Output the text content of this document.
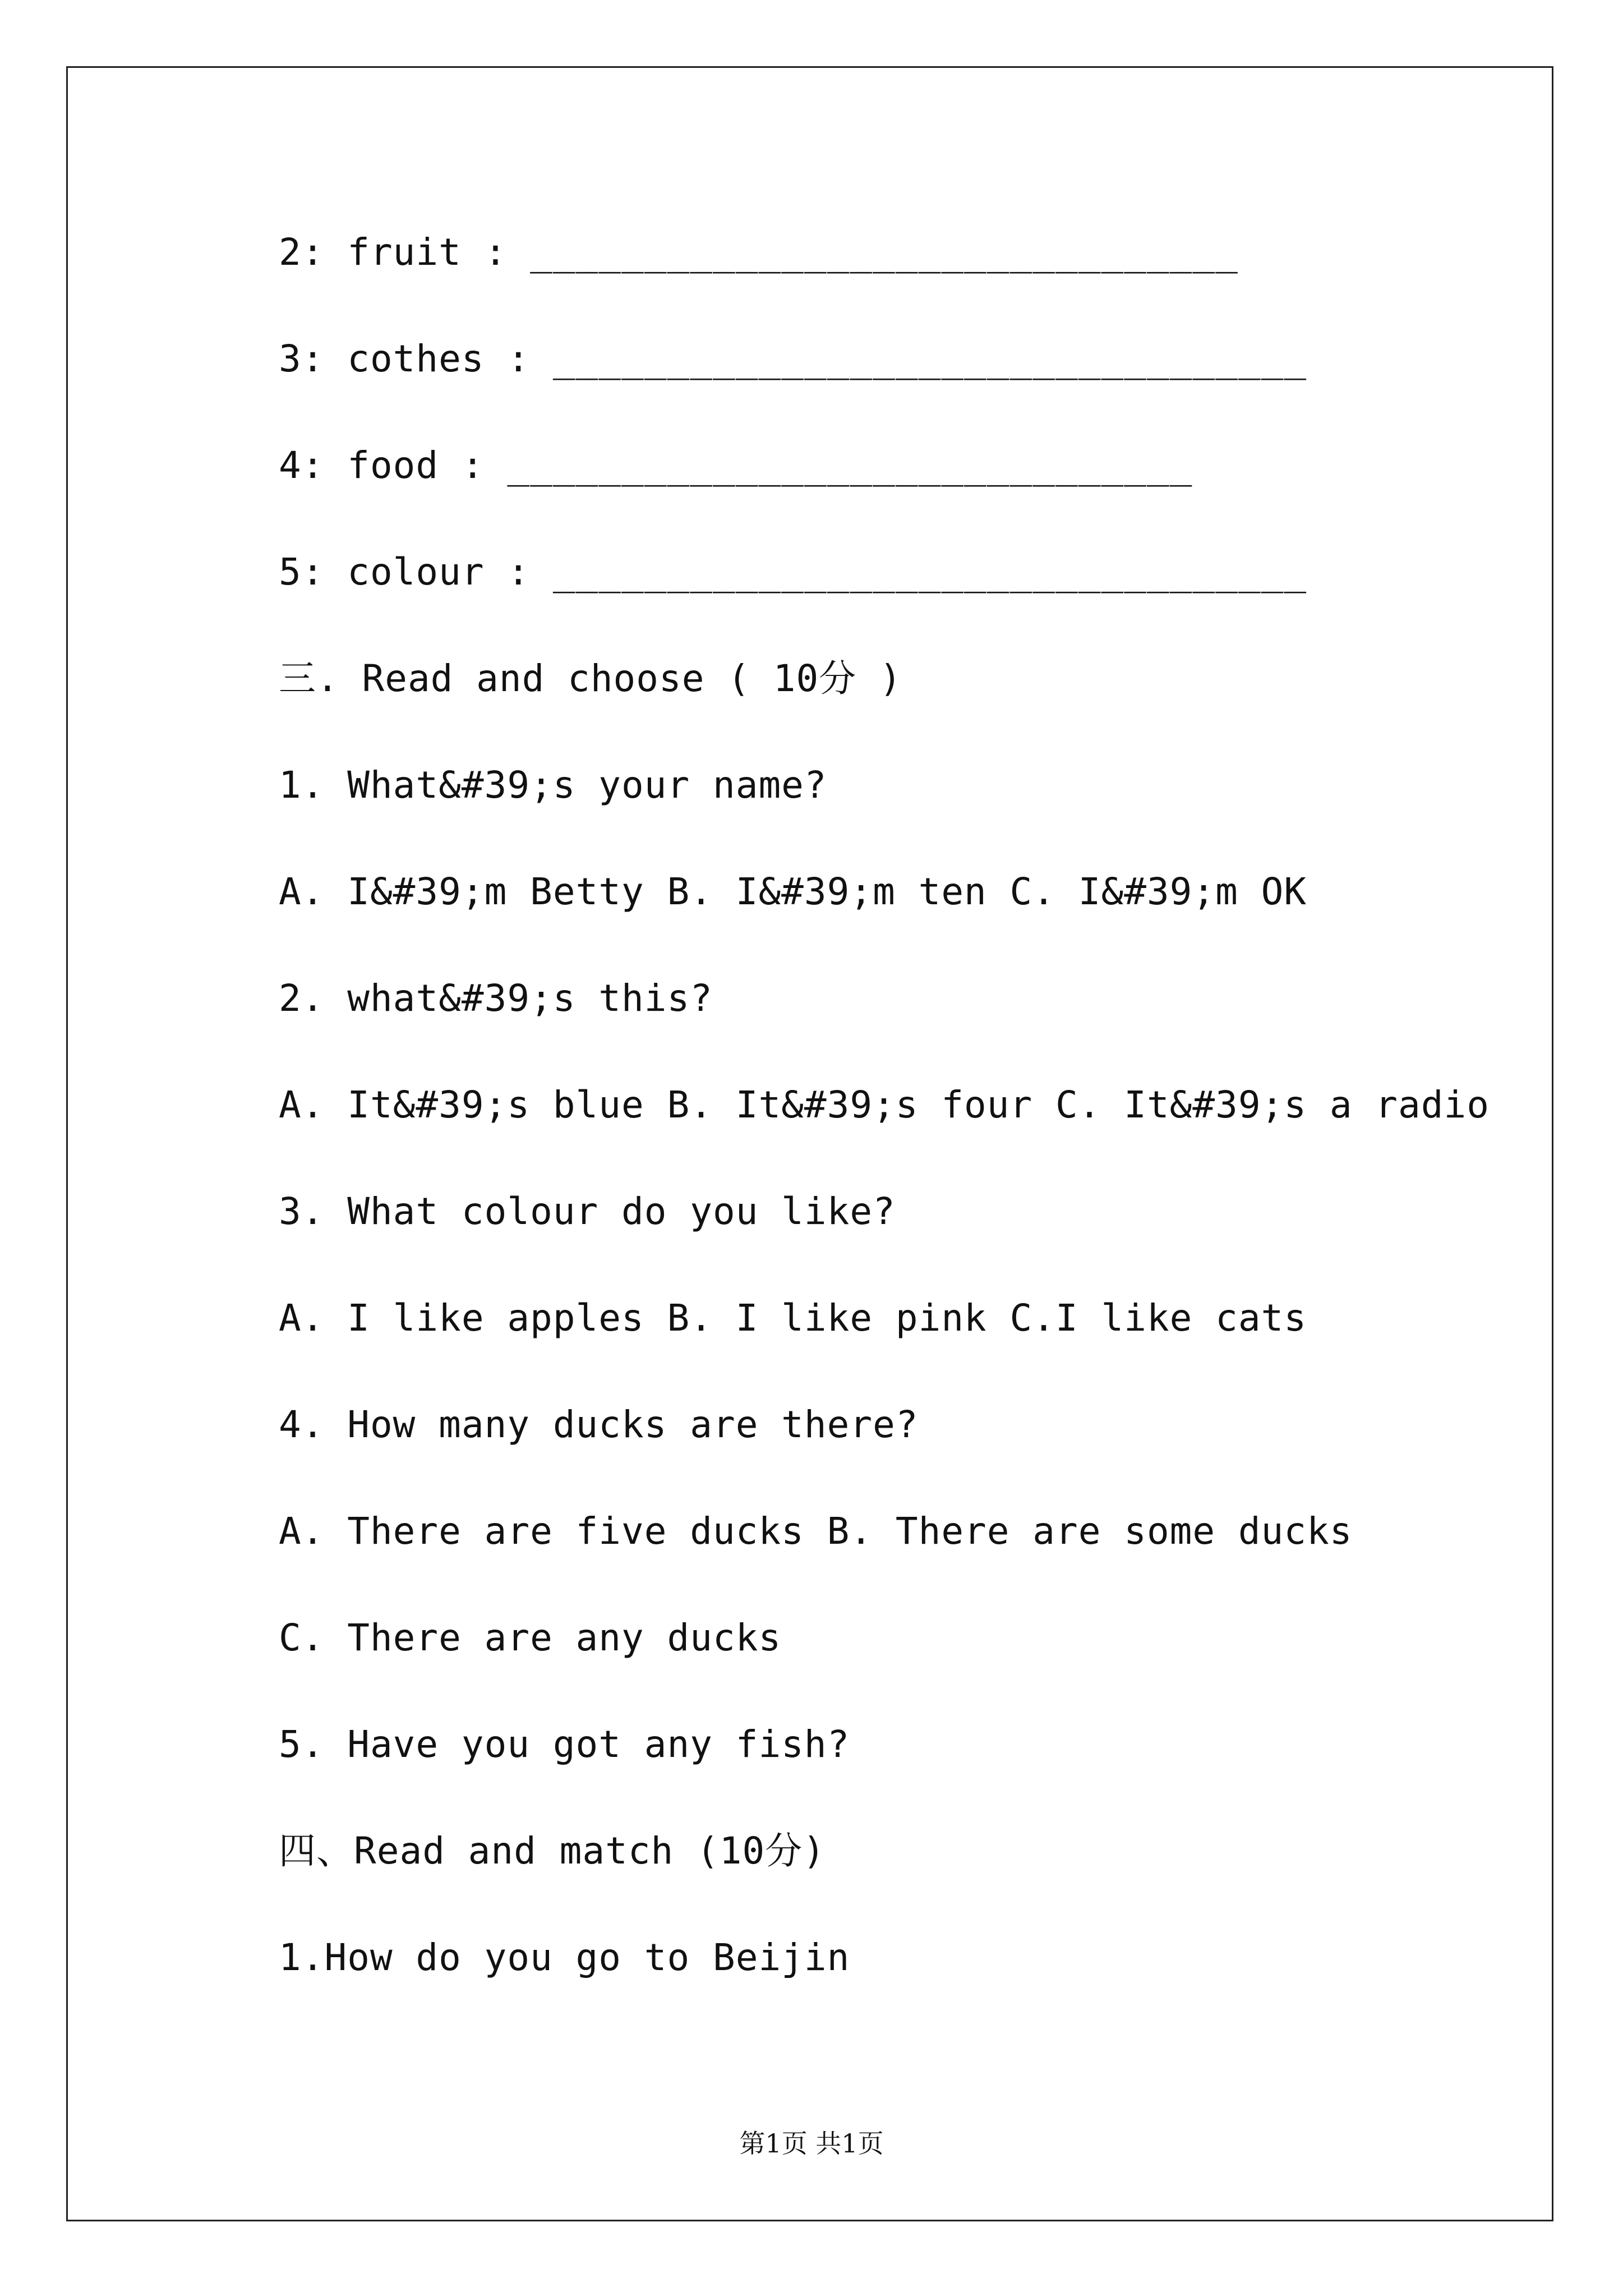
2: fruit : _______________________________
3: cothes : _________________________________
4: food : ______________________________
5: colour : _________________________________
三. Read and choose ( 10分 )
1. What&#39;s your name?
A. I&#39;m Betty B. I&#39;m ten C. I&#39;m OK
2. what&#39;s this?
A. It&#39;s blue B. It&#39;s four C. It&#39;s a radio
3. What colour do you like?
A. I like apples B. I like pink C.I like cats
4. How many ducks are there?
A. There are five ducks B. There are some ducks
C. There are any ducks
5. Have you got any fish?
四、Read and match (10分)
1.How do you go to Beijin
第1页 共1页
